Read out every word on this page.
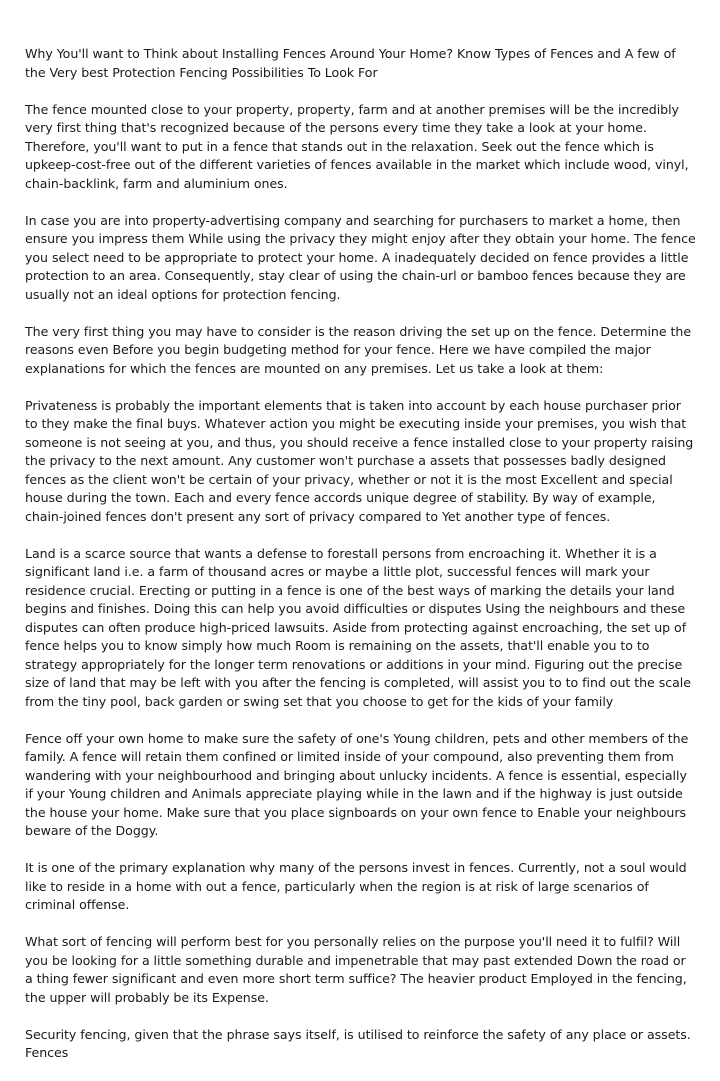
Why You'll want to Think about Installing Fences Around Your Home? Know Types of Fences and A few of the Very best Protection Fencing Possibilities To Look For

The fence mounted close to your property, property, farm and at another premises will be the incredibly very first thing that's recognized because of the persons every time they take a look at your home. Therefore, you'll want to put in a fence that stands out in the relaxation. Seek out the fence which is upkeep-cost-free out of the different varieties of fences available in the market which include wood, vinyl, chain-backlink, farm and aluminium ones.

In case you are into property-advertising company and searching for purchasers to market a home, then ensure you impress them While using the privacy they might enjoy after they obtain your home. The fence you select need to be appropriate to protect your home. A inadequately decided on fence provides a little protection to an area. Consequently, stay clear of using the chain-url or bamboo fences because they are usually not an ideal options for protection fencing.

The very first thing you may have to consider is the reason driving the set up on the fence. Determine the reasons even Before you begin budgeting method for your fence. Here we have compiled the major explanations for which the fences are mounted on any premises. Let us take a look at them:

Privateness is probably the important elements that is taken into account by each house purchaser prior to they make the final buys. Whatever action you might be executing inside your premises, you wish that someone is not seeing at you, and thus, you should receive a fence installed close to your property raising the privacy to the next amount. Any customer won't purchase a assets that possesses badly designed fences as the client won't be certain of your privacy, whether or not it is the most Excellent and special house during the town. Each and every fence accords unique degree of stability. By way of example, chain-joined fences don't present any sort of privacy compared to Yet another type of fences.

Land is a scarce source that wants a defense to forestall persons from encroaching it. Whether it is a significant land i.e. a farm of thousand acres or maybe a little plot, successful fences will mark your residence crucial. Erecting or putting in a fence is one of the best ways of marking the details your land begins and finishes. Doing this can help you avoid difficulties or disputes Using the neighbours and these disputes can often produce high-priced lawsuits. Aside from protecting against encroaching, the set up of fence helps you to know simply how much Room is remaining on the assets, that'll enable you to to strategy appropriately for the longer term renovations or additions in your mind. Figuring out the precise size of land that may be left with you after the fencing is completed, will assist you to to find out the scale from the tiny pool, back garden or swing set that you choose to get for the kids of your family

Fence off your own home to make sure the safety of one's Young children, pets and other members of the family. A fence will retain them confined or limited inside of your compound, also preventing them from wandering with your neighbourhood and bringing about unlucky incidents. A fence is essential, especially if your Young children and Animals appreciate playing while in the lawn and if the highway is just outside the house your home. Make sure that you place signboards on your own fence to Enable your neighbours beware of the Doggy.

It is one of the primary explanation why many of the persons invest in fences. Currently, not a soul would like to reside in a home with out a fence, particularly when the region is at risk of large scenarios of criminal offense.

What sort of fencing will perform best for you personally relies on the purpose you'll need it to fulfil? Will you be looking for a little something durable and impenetrable that may past extended Down the road or a thing fewer significant and even more short term suffice? The heavier product Employed in the fencing, the upper will probably be its Expense.

Security fencing, given that the phrase says itself, is utilised to reinforce the safety of any place or assets. Fences
